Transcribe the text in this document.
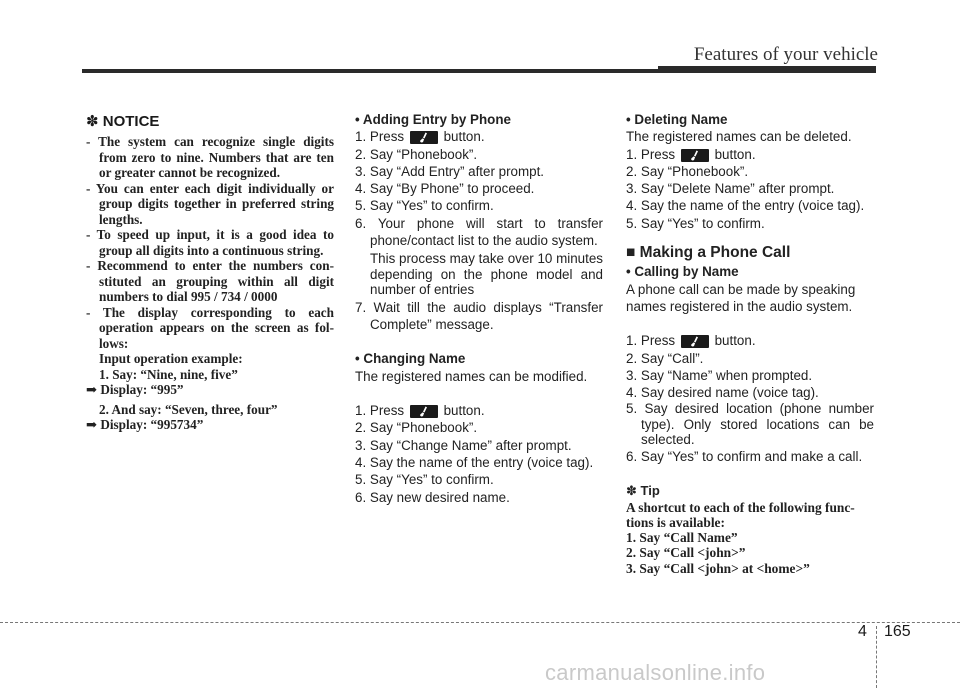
Features of your vehicle
✽ NOTICE
- The system can recognize single digits from zero to nine. Numbers that are ten or greater cannot be recognized.
- You can enter each digit individually or group digits together in preferred string lengths.
- To speed up input, it is a good idea to group all digits into a continuous string.
- Recommend to enter the numbers constituted an grouping within all digit numbers to dial 995 / 734 / 0000
- The display corresponding to each operation appears on the screen as follows:
Input operation example:
1. Say: “Nine, nine, five”
➡ Display: “995”
2. And say: “Seven, three, four”
➡ Display: “995734”
• Adding Entry by Phone
1. Press	button.
2. Say “Phonebook”.
3. Say “Add Entry” after prompt.
4. Say “By Phone” to proceed.
5. Say “Yes” to confirm.
6. Your phone will start to transfer phone/contact list to the audio system.
This process may take over 10 minutes depending on the phone model and number of entries
7. Wait till the audio displays “Transfer Complete” message.
• Changing Name
The registered names can be modified.
1. Press	button.
2. Say “Phonebook”.
3. Say “Change Name” after prompt.
4. Say the name of the entry (voice tag).
5. Say “Yes” to confirm.
6. Say new desired name.
• Deleting Name
The registered names can be deleted.
1. Press	button.
2. Say “Phonebook”.
3. Say “Delete Name” after prompt.
4. Say the name of the entry (voice tag).
5. Say “Yes” to confirm.
■ Making a Phone Call
• Calling by Name
A phone call can be made by speaking names registered in the audio system.
1. Press	button.
2. Say “Call”.
3. Say “Name” when prompted.
4. Say desired name (voice tag).
5. Say desired location (phone number type). Only stored locations can be selected.
6. Say “Yes” to confirm and make a call.
✽ Tip
A shortcut to each of the following functions is available:
1. Say “Call Name”
2. Say “Call <john>”
3. Say “Call <john> at <home>”
4 165
carmanualsonline.info
